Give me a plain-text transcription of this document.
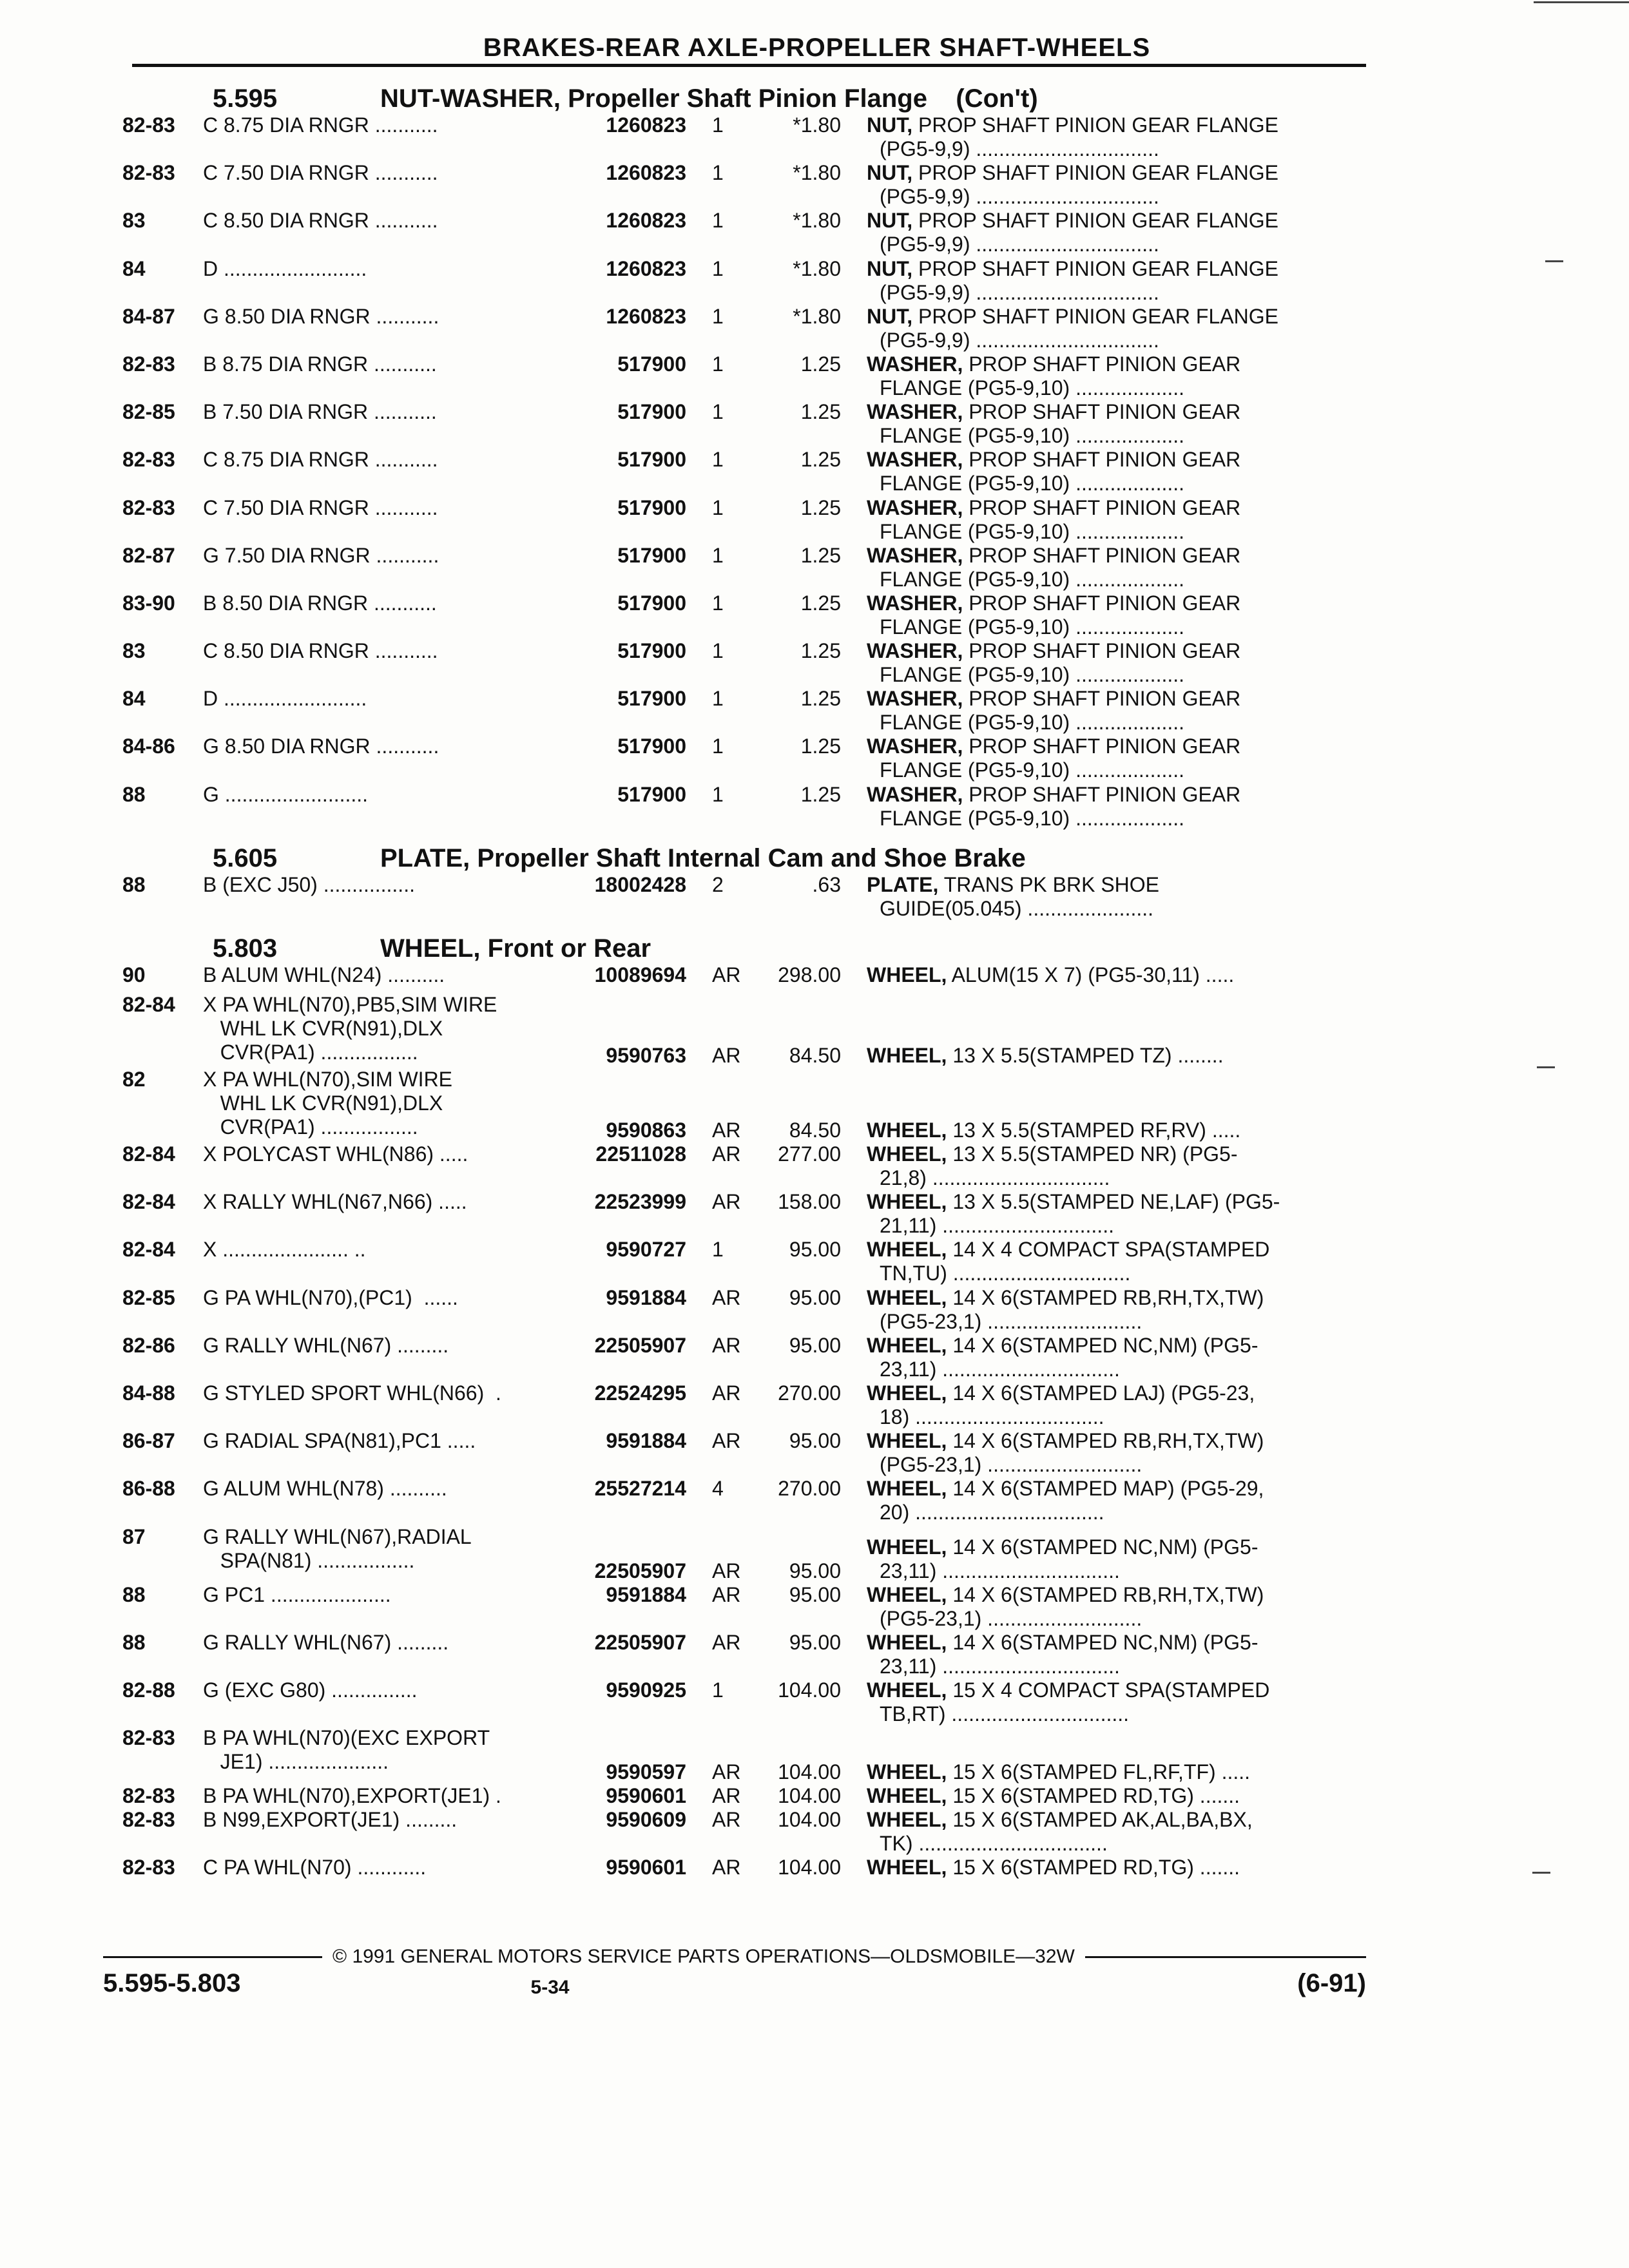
BRAKES-REAR AXLE-PROPELLER SHAFT-WHEELS
5.595	NUT-WASHER, Propeller Shaft Pinion Flange    (Con't)
82-83	C 8.75 DIA RNGR ...........	1260823	1	*1.80 NUT, PROP SHAFT PINION GEAR FLANGE
(PG5-9,9) ................................
82-83	C 7.50 DIA RNGR ...........	1260823	1	*1.80 NUT, PROP SHAFT PINION GEAR FLANGE
(PG5-9,9) ................................
83	C 8.50 DIA RNGR ...........	1260823	1	*1.80 NUT, PROP SHAFT PINION GEAR FLANGE
(PG5-9,9) ................................
84	D .........................	1260823	1	*1.80 NUT, PROP SHAFT PINION GEAR FLANGE
(PG5-9,9) ................................
84-87	G 8.50 DIA RNGR ...........	1260823	1	*1.80 NUT, PROP SHAFT PINION GEAR FLANGE
(PG5-9,9) ................................
82-83	B 8.75 DIA RNGR ...........	517900	1	1.25 WASHER, PROP SHAFT PINION GEAR
FLANGE (PG5-9,10) ...................
82-85	B 7.50 DIA RNGR ...........	517900	1	1.25 WASHER, PROP SHAFT PINION GEAR
FLANGE (PG5-9,10) ...................
82-83	C 8.75 DIA RNGR ...........	517900	1	1.25 WASHER, PROP SHAFT PINION GEAR
FLANGE (PG5-9,10) ...................
82-83	C 7.50 DIA RNGR ...........	517900	1	1.25 WASHER, PROP SHAFT PINION GEAR
FLANGE (PG5-9,10) ...................
82-87	G 7.50 DIA RNGR ...........	517900	1	1.25 WASHER, PROP SHAFT PINION GEAR
FLANGE (PG5-9,10) ...................
83-90	B 8.50 DIA RNGR ...........	517900	1	1.25 WASHER, PROP SHAFT PINION GEAR
FLANGE (PG5-9,10) ...................
83	C 8.50 DIA RNGR ...........	517900	1	1.25 WASHER, PROP SHAFT PINION GEAR
FLANGE (PG5-9,10) ...................
84	D .........................	517900	1	1.25 WASHER, PROP SHAFT PINION GEAR
FLANGE (PG5-9,10) ...................
84-86	G 8.50 DIA RNGR ...........	517900	1	1.25 WASHER, PROP SHAFT PINION GEAR
FLANGE (PG5-9,10) ...................
88	G .........................	517900	1	1.25 WASHER, PROP SHAFT PINION GEAR
FLANGE (PG5-9,10) ...................
5.605	PLATE, Propeller Shaft Internal Cam and Shoe Brake
88	B (EXC J50) ................	18002428	2	.63 PLATE, TRANS PK BRK SHOE
GUIDE(05.045) ......................
5.803	WHEEL, Front or Rear
90	B ALUM WHL(N24) ..........	10089694	AR	298.00 WHEEL, ALUM(15 X 7) (PG5-30,11) .....
82-84	X PA WHL(N70),PB5,SIM WIRE
WHL LK CVR(N91),DLX
CVR(PA1) .................	9590763	AR	84.50 WHEEL, 13 X 5.5(STAMPED TZ) ........
82	X PA WHL(N70),SIM WIRE
WHL LK CVR(N91),DLX
CVR(PA1) .................	9590863	AR	84.50 WHEEL, 13 X 5.5(STAMPED RF,RV) .....
82-84	X POLYCAST WHL(N86) .....	22511028	AR	277.00 WHEEL, 13 X 5.5(STAMPED NR) (PG5-
21,8) ...............................
82-84	X RALLY WHL(N67,N66) .....	22523999	AR	158.00 WHEEL, 13 X 5.5(STAMPED NE,LAF) (PG5-
21,11) ..............................
82-84	X ...................... ..	9590727	1	95.00 WHEEL, 14 X 4 COMPACT SPA(STAMPED
TN,TU) ...............................
82-85	G PA WHL(N70),(PC1)  ......	9591884	AR	95.00 WHEEL, 14 X 6(STAMPED RB,RH,TX,TW)
(PG5-23,1) ...........................
82-86	G RALLY WHL(N67) .........	22505907	AR	95.00 WHEEL, 14 X 6(STAMPED NC,NM) (PG5-
23,11) ...............................
84-88	G STYLED SPORT WHL(N66)  .	22524295	AR	270.00 WHEEL, 14 X 6(STAMPED LAJ) (PG5-23,
18) .................................
86-87	G RADIAL SPA(N81),PC1 .....	9591884	AR	95.00 WHEEL, 14 X 6(STAMPED RB,RH,TX,TW)
(PG5-23,1) ...........................
86-88	G ALUM WHL(N78) ..........	25527214	4	270.00 WHEEL, 14 X 6(STAMPED MAP) (PG5-29,
20) .................................
87	G RALLY WHL(N67),RADIAL
SPA(N81) .................	22505907	AR	95.00
WHEEL, 14 X 6(STAMPED NC,NM) (PG5-
23,11) ...............................
88	G PC1 .....................	9591884	AR	95.00 WHEEL, 14 X 6(STAMPED RB,RH,TX,TW)
(PG5-23,1) ...........................
88	G RALLY WHL(N67) .........	22505907	AR	95.00 WHEEL, 14 X 6(STAMPED NC,NM) (PG5-
23,11) ...............................
82-88	G (EXC G80) ...............	9590925	1	104.00 WHEEL, 15 X 4 COMPACT SPA(STAMPED
TB,RT) ...............................
82-83	B PA WHL(N70)(EXC EXPORT
JE1) .....................	9590597	AR	104.00 WHEEL, 15 X 6(STAMPED FL,RF,TF) .....
82-83	B PA WHL(N70),EXPORT(JE1) .	9590601	AR	104.00 WHEEL, 15 X 6(STAMPED RD,TG) .......
82-83	B N99,EXPORT(JE1) .........	9590609	AR	104.00 WHEEL, 15 X 6(STAMPED AK,AL,BA,BX,
TK) .................................
82-83	C PA WHL(N70) ............	9590601	AR	104.00 WHEEL, 15 X 6(STAMPED RD,TG) .......
© 1991 GENERAL MOTORS SERVICE PARTS OPERATIONS—OLDSMOBILE—32W
5.595-5.803	5-34	(6-91)
